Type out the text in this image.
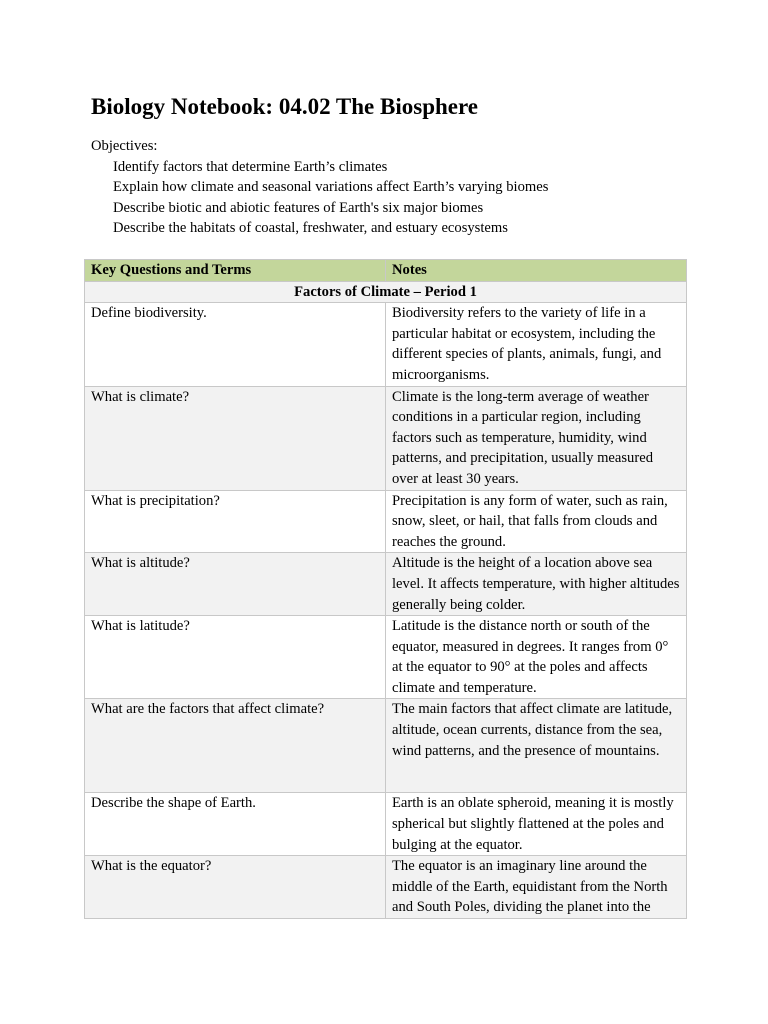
Biology Notebook: 04.02 The Biosphere

Objectives:

Identify factors that determine Earth’s climates
Explain how climate and seasonal variations affect Earth’s varying biomes
Describe biotic and abiotic features of Earth's six major biomes
Describe the habitats of coastal, freshwater, and estuary ecosystems
Key Questions and Terms	Notes
Factors of Climate – Period 1	
Define biodiversity.	Biodiversity refers to the variety of life in a particular habitat or ecosystem, including the different species of plants, animals, fungi, and microorganisms.
What is climate?	Climate is the long-term average of weather conditions in a particular region, including factors such as temperature, humidity, wind patterns, and precipitation, usually measured over at least 30 years.
What is precipitation?	Precipitation is any form of water, such as rain, snow, sleet, or hail, that falls from clouds and reaches the ground.
What is altitude?	Altitude is the height of a location above sea level. It affects temperature, with higher altitudes generally being colder.
What is latitude?	Latitude is the distance north or south of the equator, measured in degrees. It ranges from 0° at the equator to 90° at the poles and affects climate and temperature.
What are the factors that affect climate?	The main factors that affect climate are latitude, altitude, ocean currents, distance from the sea, wind patterns, and the presence of mountains.
Describe the shape of Earth.	Earth is an oblate spheroid, meaning it is mostly spherical but slightly flattened at the poles and bulging at the equator.
What is the equator?	The equator is an imaginary line around the middle of the Earth, equidistant from the North and South Poles, dividing the planet into the
